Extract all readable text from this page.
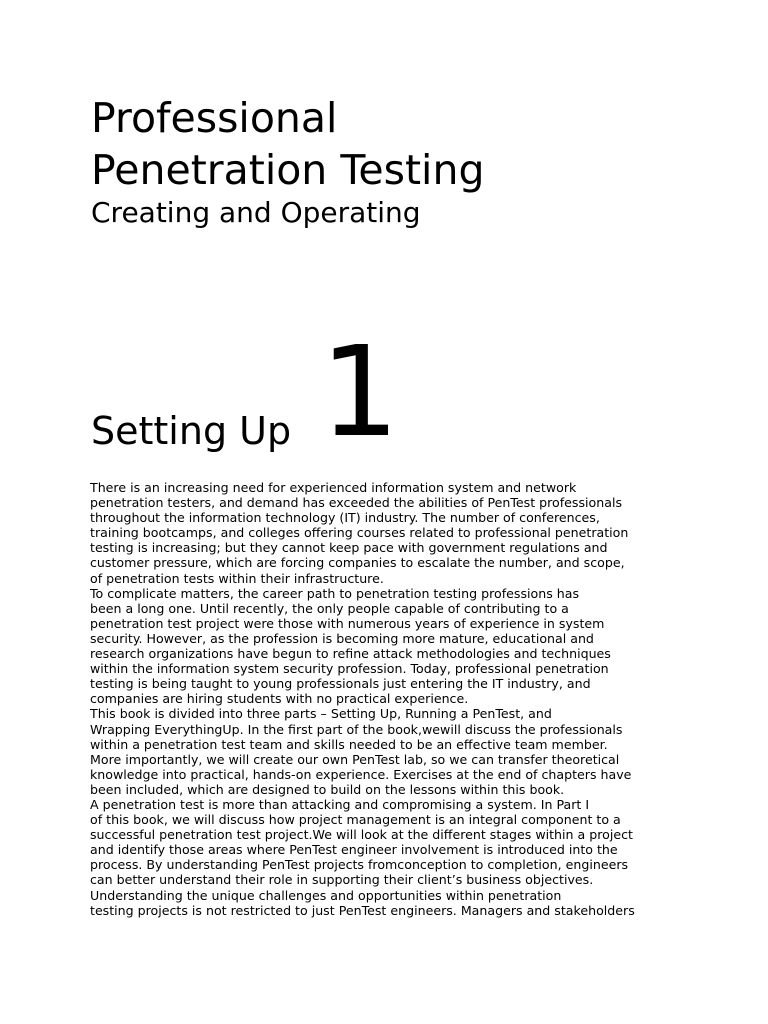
Professional
Penetration Testing
Creating and Operating
1
Setting Up
There is an increasing need for experienced information system and network
penetration testers, and demand has exceeded the abilities of PenTest professionals
throughout the information technology (IT) industry. The number of conferences,
training bootcamps, and colleges offering courses related to professional penetration
testing is increasing; but they cannot keep pace with government regulations and
customer pressure, which are forcing companies to escalate the number, and scope,
of penetration tests within their infrastructure.
To complicate matters, the career path to penetration testing professions has
been a long one. Until recently, the only people capable of contributing to a
penetration test project were those with numerous years of experience in system
security. However, as the profession is becoming more mature, educational and
research organizations have begun to refine attack methodologies and techniques
within the information system security profession. Today, professional penetration
testing is being taught to young professionals just entering the IT industry, and
companies are hiring students with no practical experience.
This book is divided into three parts – Setting Up, Running a PenTest, and
Wrapping EverythingUp. In the first part of the book,wewill discuss the professionals
within a penetration test team and skills needed to be an effective team member.
More importantly, we will create our own PenTest lab, so we can transfer theoretical
knowledge into practical, hands-on experience. Exercises at the end of chapters have
been included, which are designed to build on the lessons within this book.
A penetration test is more than attacking and compromising a system. In Part I
of this book, we will discuss how project management is an integral component to a
successful penetration test project.We will look at the different stages within a project
and identify those areas where PenTest engineer involvement is introduced into the
process. By understanding PenTest projects fromconception to completion, engineers
can better understand their role in supporting their client’s business objectives.
Understanding the unique challenges and opportunities within penetration
testing projects is not restricted to just PenTest engineers. Managers and stakeholders
